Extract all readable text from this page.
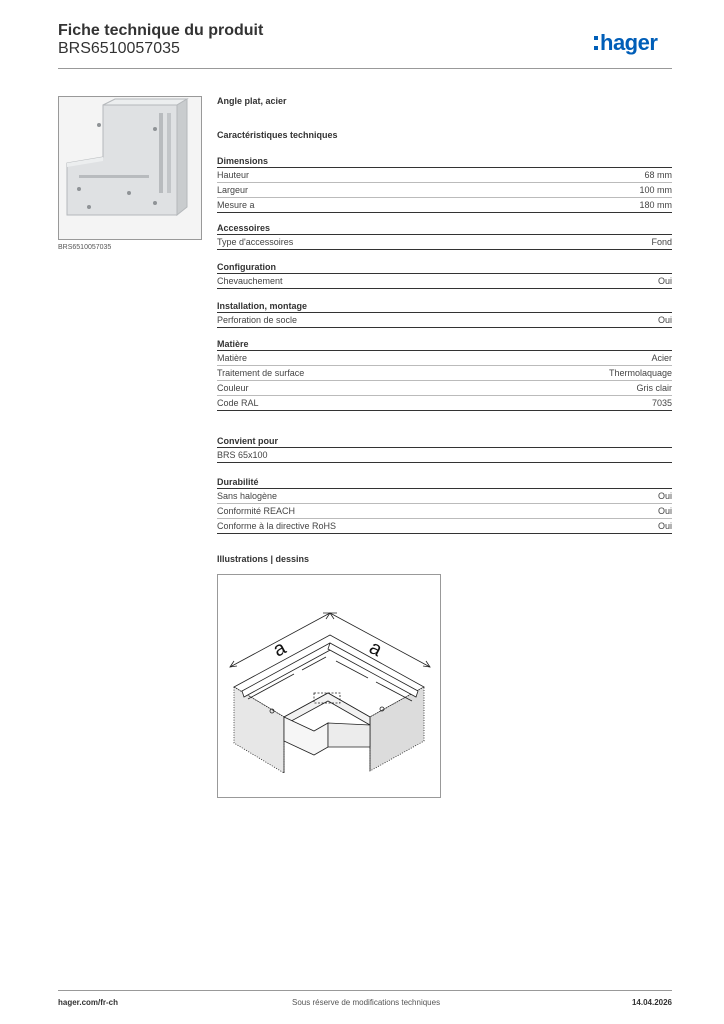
Fiche technique du produit
BRS6510057035	hager
BRS6510057035
Angle plat, acier
Caractéristiques techniques
Dimensions
Hauteur	68 mm
Largeur	100 mm
Mesure a	180 mm
Accessoires
Type d'accessoires	Fond
Configuration
Chevauchement	Oui
Installation, montage
Perforation de socle	Oui
Matière
Matière	Acier
Traitement de surface	Thermolaquage
Couleur	Gris clair
Code RAL	7035
Convient pour
BRS 65x100
Durabilité
Sans halogène	Oui
Conformité REACH	Oui
Conforme à la directive RoHS	Oui
Illustrations | dessins
a	a
hager.com/fr-ch	Sous réserve de modifications techniques	14.04.2026
